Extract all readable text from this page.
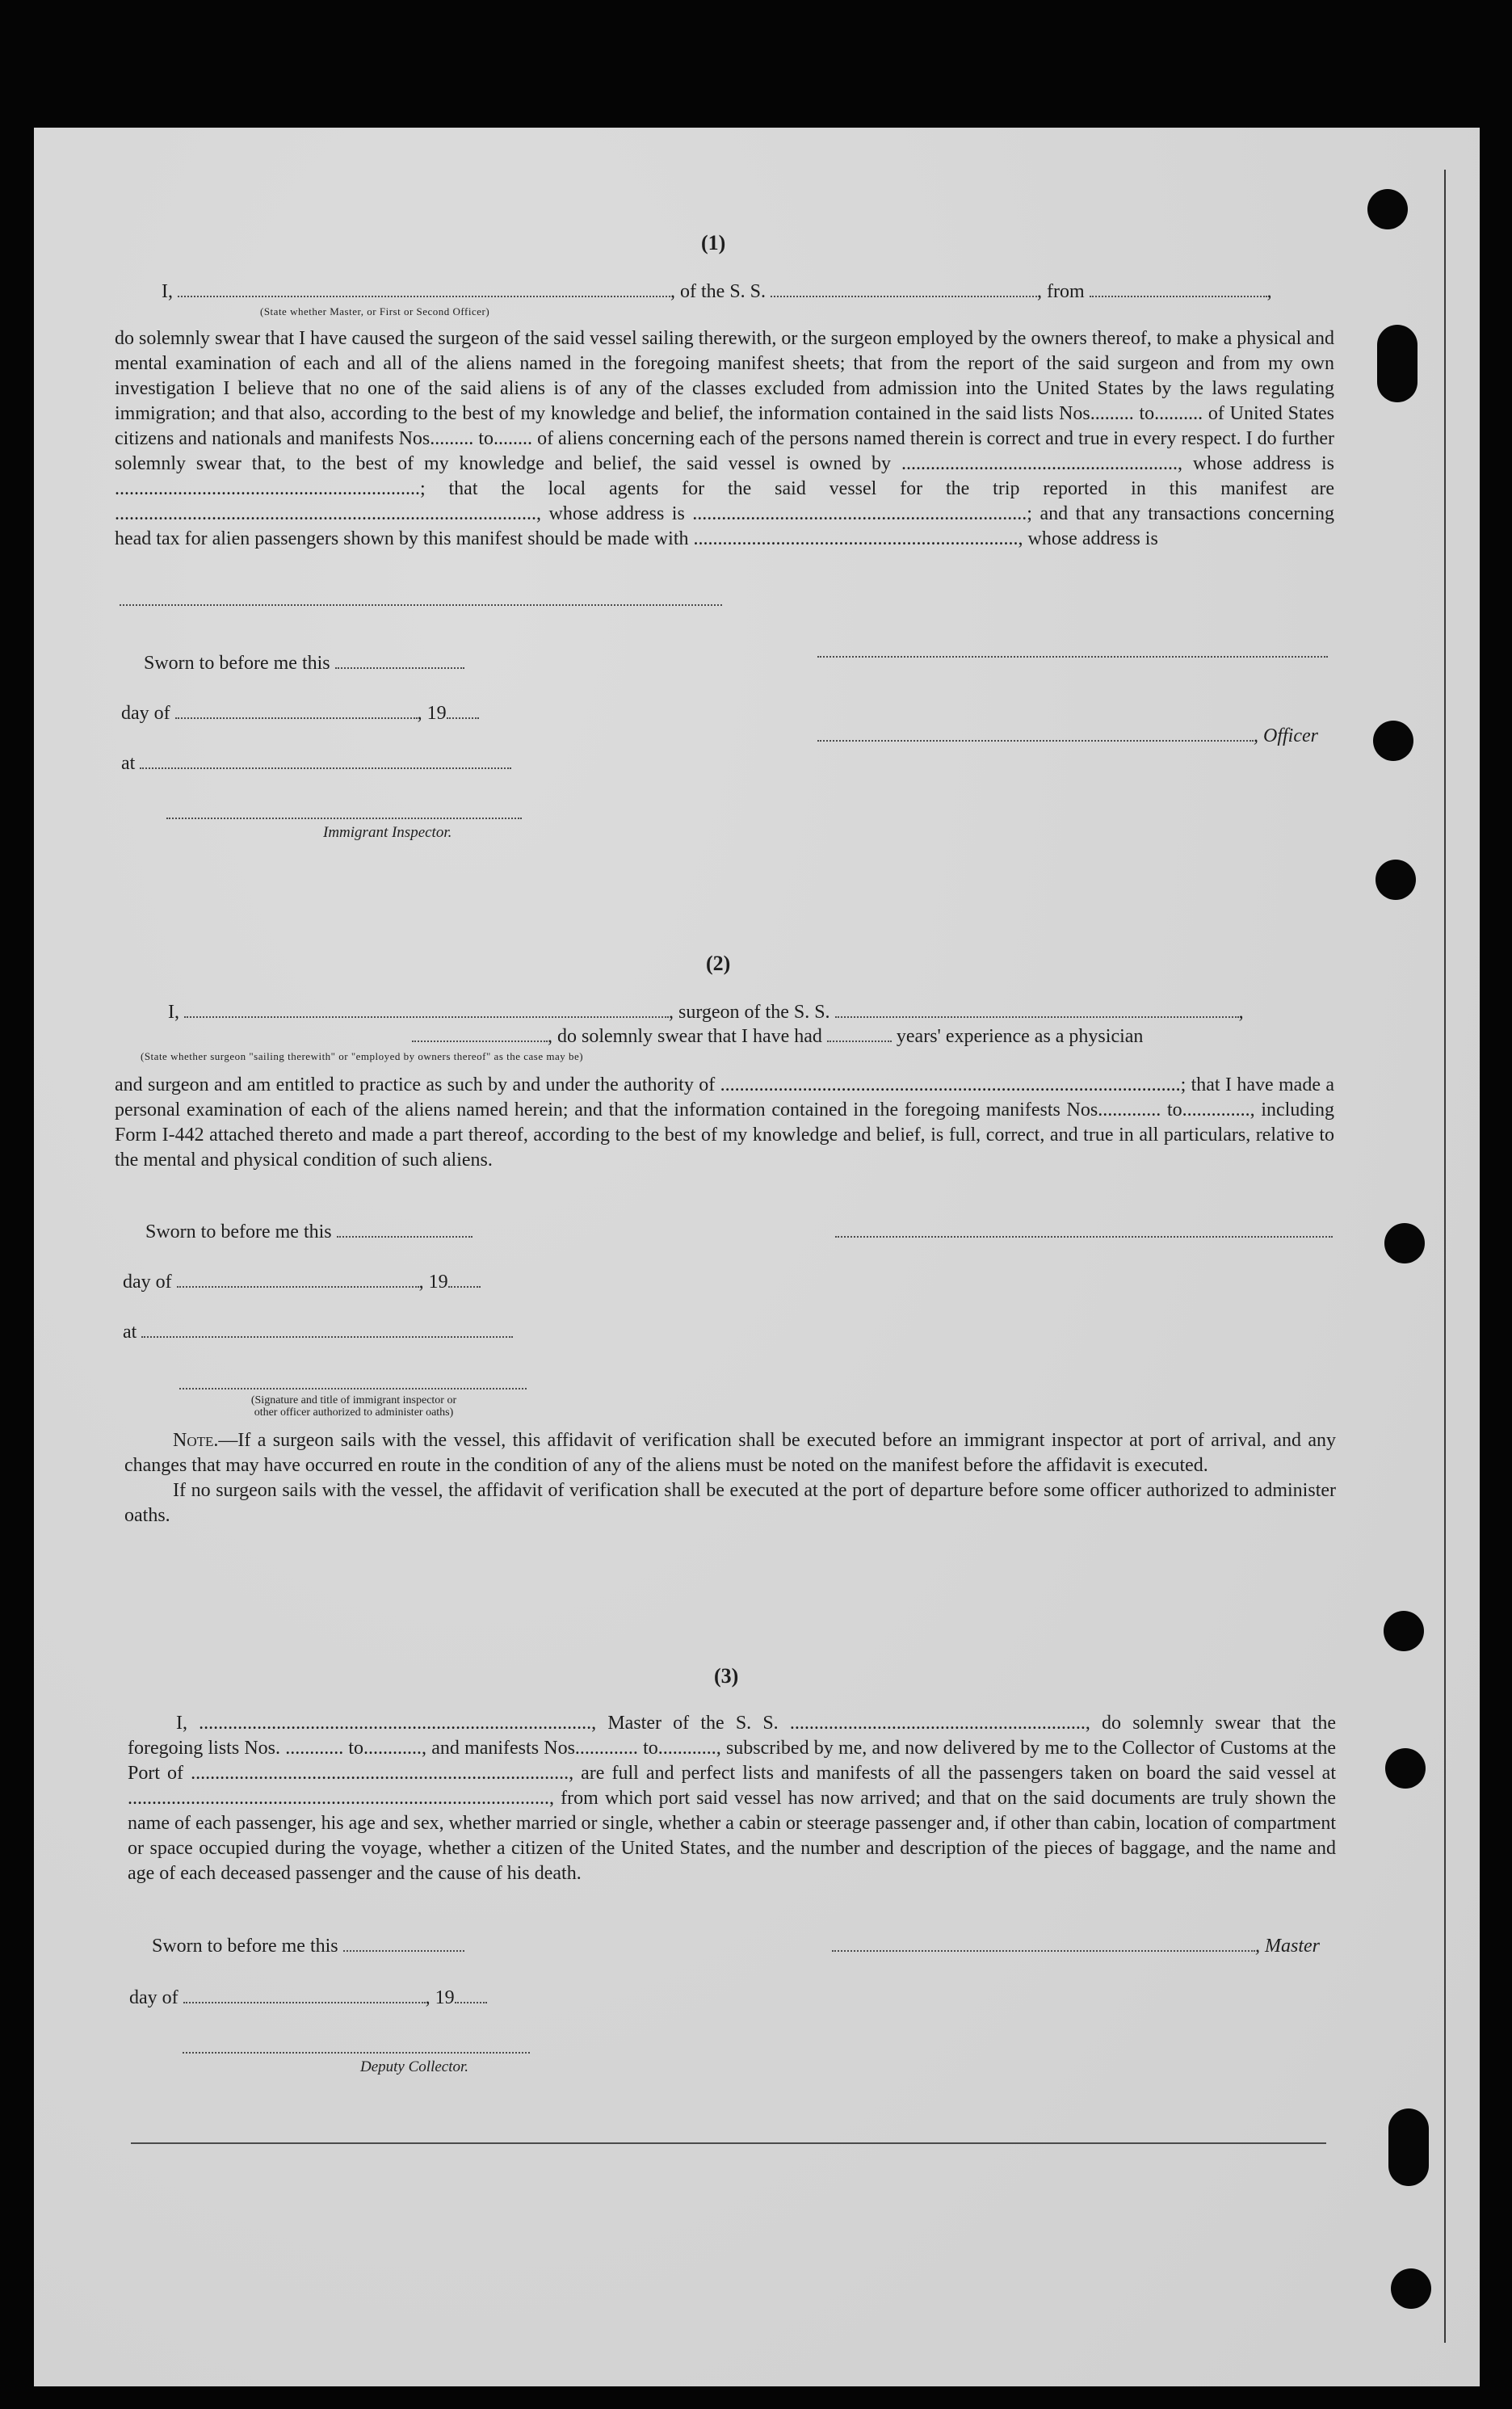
(1)
I,	, of the S. S.	, from	,
(State whether Master, or First or Second Officer)

do solemnly swear that I have caused the surgeon of the said vessel sailing therewith, or the surgeon employed by the owners thereof, to make a physical and mental examination of each and all of the aliens named in the foregoing manifest sheets; that from the report of the said surgeon and from my own investigation I believe that no one of the said aliens is of any of the classes excluded from admission into the United States by the laws regulating immigration; and that also, according to the best of my knowledge and belief, the information contained in the said lists Nos......... to.......... of United States citizens and nationals and manifests Nos......... to........ of aliens concerning each of the persons named therein is correct and true in every respect. I do further solemnly swear that, to the best of my knowledge and belief, the said vessel is owned by ........................................................., whose address is ...............................................................; that the local agents for the said vessel for the trip reported in this manifest are ......................................................................................., whose address is .....................................................................; and that any transactions concerning head tax for alien passengers shown by this manifest should be made with ..................................................................., whose address is

Sworn to before me this
day of	, 19
, Officer
at
Immigrant Inspector.
(2)
I,	, surgeon of the S. S.	,
, do solemnly swear that I have had	years' experience as a physician
(State whether surgeon "sailing therewith" or "employed by owners thereof" as the case may be)

and surgeon and am entitled to practice as such by and under the authority of ...............................................................................................; that I have made a personal examination of each of the aliens named herein; and that the information contained in the foregoing manifests Nos............. to.............., including Form I-442 attached thereto and made a part thereof, according to the best of my knowledge and belief, is full, correct, and true in all particulars, relative to the mental and physical condition of such aliens.

Sworn to before me this
day of	, 19
at
(Signature and title of immigrant inspector or
other officer authorized to administer oaths)

Note.—If a surgeon sails with the vessel, this affidavit of verification shall be executed before an immigrant inspector at port of arrival, and any changes that may have occurred en route in the condition of any of the aliens must be noted on the manifest before the affidavit is executed.

If no surgeon sails with the vessel, the affidavit of verification shall be executed at the port of departure before some officer authorized to administer oaths.

(3)

I, ................................................................................., Master of the S. S. ............................................................., do solemnly swear that the foregoing lists Nos. ............ to............, and manifests Nos............. to............, subscribed by me, and now delivered by me to the Collector of Customs at the Port of .............................................................................., are full and perfect lists and manifests of all the passengers taken on board the said vessel at ......................................................................................., from which port said vessel has now arrived; and that on the said documents are truly shown the name of each passenger, his age and sex, whether married or single, whether a cabin or steerage passenger and, if other than cabin, location of compartment or space occupied during the voyage, whether a citizen of the United States, and the number and description of the pieces of baggage, and the name and age of each deceased passenger and the cause of his death.

Sworn to before me this	, Master
day of	, 19
Deputy Collector.
